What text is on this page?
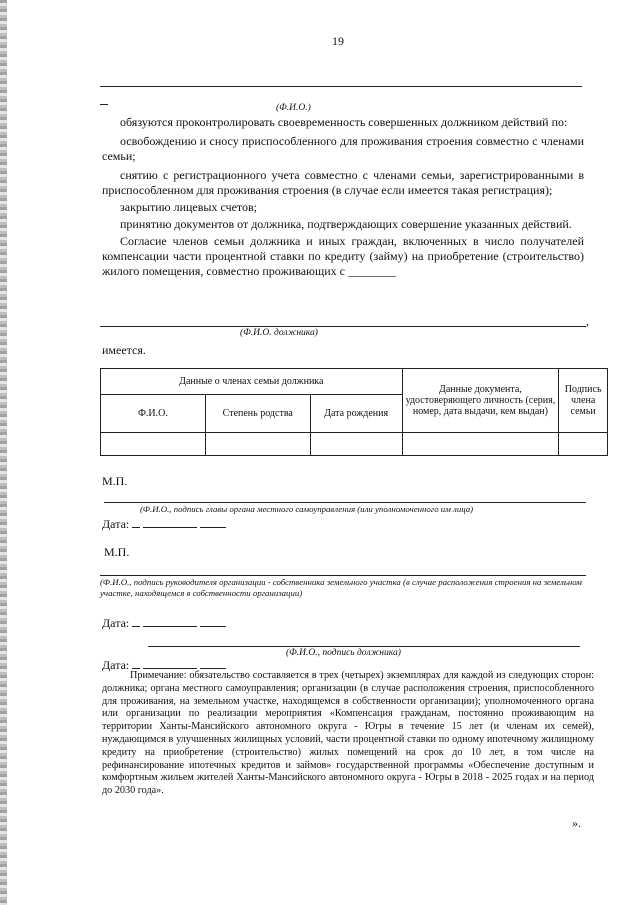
19
(Ф.И.О.)
обязуются проконтролировать своевременность совершенных должником действий по:
освобождению и сносу приспособленного для проживания строения совместно с членами семьи;
снятию с регистрационного учета совместно с членами семьи, зарегистрированными в приспособленном для проживания строения (в случае если имеется такая регистрация);
закрытию лицевых счетов;
принятию документов от должника, подтверждающих совершение указанных действий.
Согласие членов семьи должника и иных граждан, включенных в число получателей компенсации части процентной ставки по кредиту (займу) на приобретение (строительство) жилого помещения, совместно проживающих с ________
,
(Ф.И.О. должника)
имеется.
Данные о членах семьи должника			Данные документа, удостоверяющего личность (серия, номер, дата выдачи, кем выдан)	Подпись члена семьи
Ф.И.О.	Степень родства	Дата рождения		

М.П.
(Ф.И.О., подпись главы органа местного самоуправления (или уполномоченного им лица)
Дата:
М.П.
(Ф.И.О., подпись руководителя организации - собственника земельного участка (в случае расположения строения на земельном участке, находящемся в собственности организации)
Дата:
(Ф.И.О., подпись должника)
Дата:
Примечание: обязательство составляется в трех (четырех) экземплярах для каждой из следующих сторон: должника; органа местного самоуправления; организации (в случае расположения строения, приспособленного для проживания, на земельном участке, находящемся в собственности организации); уполномоченного органа или организации по реализации мероприятия «Компенсация гражданам, постоянно проживающим на территории Ханты-Мансийского автономного округа - Югры в течение 15 лет (и членам их семей), нуждающимся в улучшенных жилищных условий, части процентной ставки по одному ипотечному жилищному кредиту на приобретение (строительство) жилых помещений на срок до 10 лет, в том числе на рефинансирование ипотечных кредитов и займов» государственной программы «Обеспечение доступным и комфортным жильем жителей Ханты-Мансийского автономного округа - Югры в 2018 - 2025 годах и на период до 2030 года».
».
